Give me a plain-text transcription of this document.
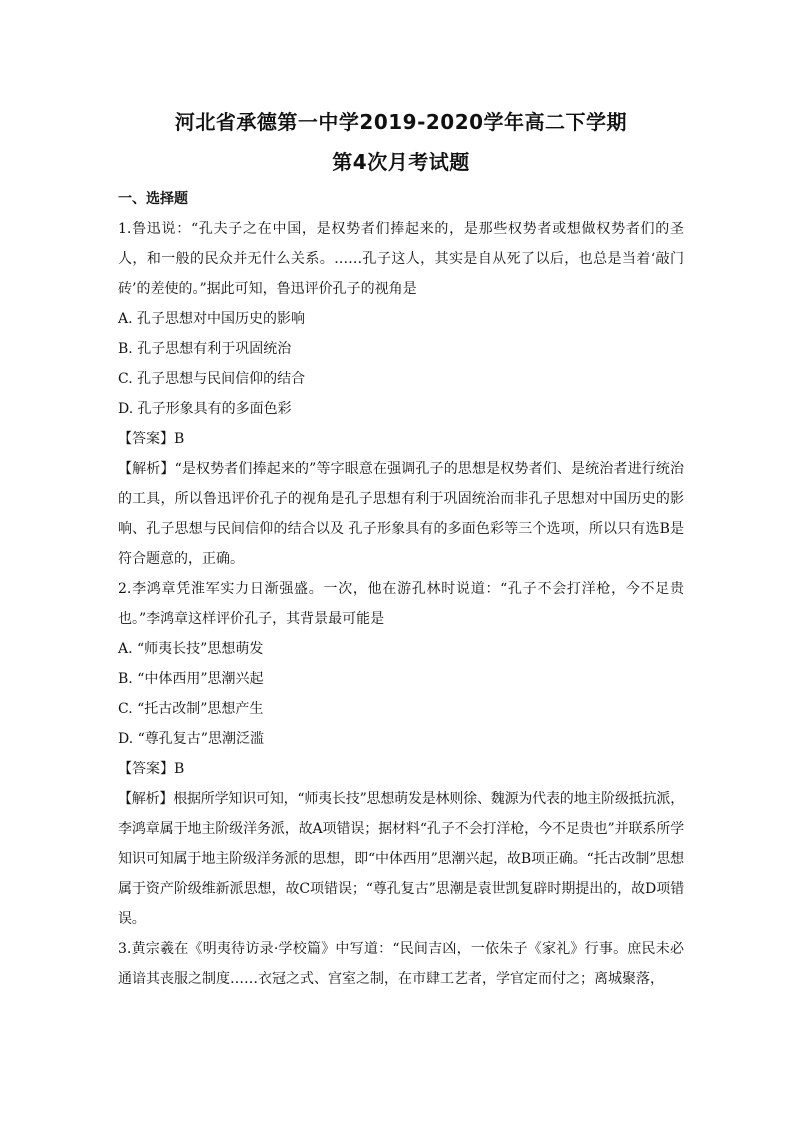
河北省承德第一中学2019-2020学年高二下学期
第4次月考试题
一、选择题

1.鲁迅说：“孔夫子之在中国，是权势者们捧起来的，是那些权势者或想做权势者们的圣人，和一般的民众并无什么关系。……孔子这人，其实是自从死了以后，也总是当着‘敲门砖’的差使的。”据此可知，鲁迅评价孔子的视角是

A. 孔子思想对中国历史的影响

B. 孔子思想有利于巩固统治

C. 孔子思想与民间信仰的结合

D. 孔子形象具有的多面色彩

【答案】B

【解析】“是权势者们捧起来的”等字眼意在强调孔子的思想是权势者们、是统治者进行统治的工具，所以鲁迅评价孔子的视角是孔子思想有利于巩固统治而非孔子思想对中国历史的影响、孔子思想与民间信仰的结合以及 孔子形象具有的多面色彩等三个选项，所以只有选B是符合题意的，正确。

2.李鸿章凭淮军实力日渐强盛。一次，他在游孔林时说道：“孔子不会打洋枪，今不足贵也。”李鸿章这样评价孔子，其背景最可能是

A. “师夷长技”思想萌发

B. “中体西用”思潮兴起

C. “托古改制”思想产生

D. “尊孔复古”思潮泛滥

【答案】B

【解析】根据所学知识可知，“师夷长技”思想萌发是林则徐、魏源为代表的地主阶级抵抗派，李鸿章属于地主阶级洋务派，故A项错误；据材料“孔子不会打洋枪，今不足贵也”并联系所学知识可知属于地主阶级洋务派的思想，即“中体西用”思潮兴起，故B项正确。“托古改制”思想属于资产阶级维新派思想，故C项错误；“尊孔复古”思潮是袁世凯复辟时期提出的，故D项错误。

3.黄宗羲在《明夷待访录·学校篇》中写道：“民间吉凶，一依朱子《家礼》行事。庶民未必通谙其丧服之制度……衣冠之式、宫室之制，在市肆工艺者，学官定而付之；离城聚落，
